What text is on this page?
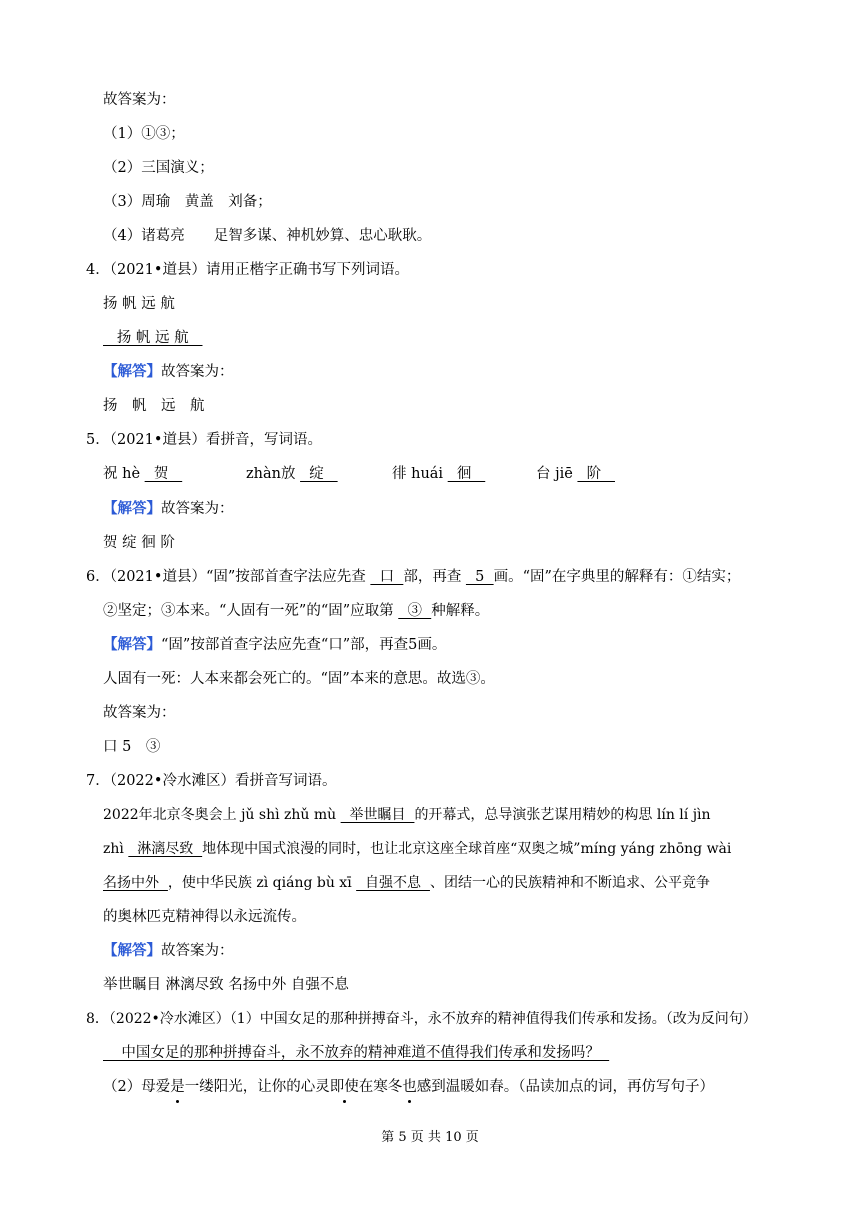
故答案为：
（1）①③；
（2）三国演义；
（3）周瑜　黄盖　刘备；
（4）诸葛亮　　足智多谋、神机妙算、忠心耿耿。
4．（2021•道县）请用正楷字正确书写下列词语。
扬 帆 远 航
扬 帆 远 航
【解答】故答案为：
扬　帆　远　航
5．（2021•道县）看拼音，写词语。
祝 hè   贺	zhàn放   绽	徘 huái   徊	台 jiē   阶
【解答】故答案为：
贺 绽 徊 阶
6．（2021•道县）“固”按部首查字法应先查   口  部，再查   5  画。“固”在字典里的解释有：①结实；
②坚定；③本来。“人固有一死”的“固”应取第   ③  种解释。
【解答】“固”按部首查字法应先查“口”部，再查5画。
人固有一死：人本来都会死亡的。“固”本来的意思。故选③。
故答案为：
口 5　③
7．（2022•冷水滩区）看拼音写词语。
2022年北京冬奥会上 jǔ shì zhǔ mù   举世瞩目  的开幕式，总导演张艺谋用精妙的构思 lín lí jìn
zhì   淋漓尽致  地体现中国式浪漫的同时，也让北京这座全球首座“双奥之城”míng yáng zhōng wài
名扬中外  ，使中华民族 zì qiáng bù xī   自强不息  、团结一心的民族精神和不断追求、公平竞争
的奥林匹克精神得以永远流传。
【解答】故答案为：
举世瞩目 淋漓尽致 名扬中外 自强不息
8．（2022•冷水滩区）（1）中国女足的那种拼搏奋斗，永不放弃的精神值得我们传承和发扬。（改为反问句）
中国女足的那种拼搏奋斗，永不放弃的精神难道不值得我们传承和发扬吗？
（2）母爱是一缕阳光，让你的心灵即使在寒冬也感到温暖如春。（品读加点的词，再仿写句子）
第 5 页 共 10 页
